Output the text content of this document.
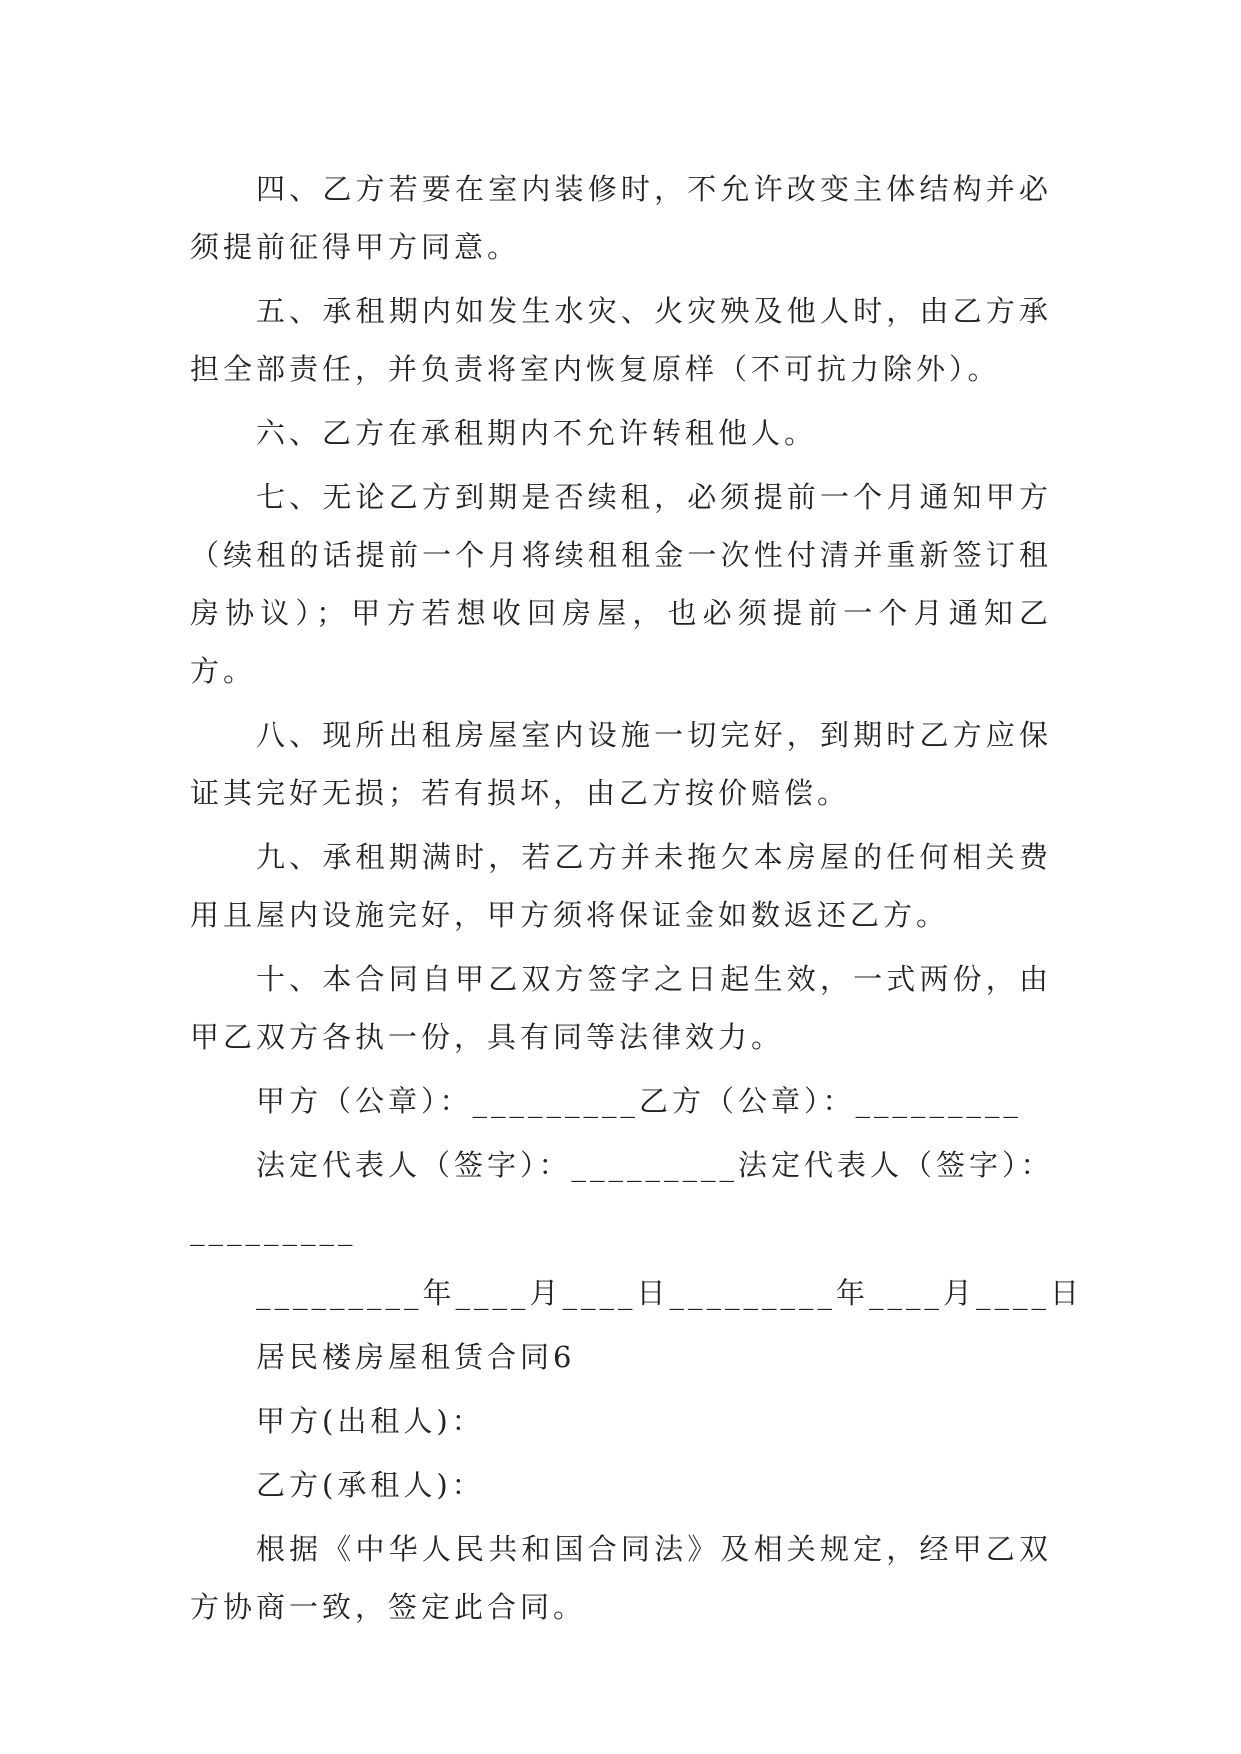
四、乙方若要在室内装修时，不允许改变主体结构并必须提前征得甲方同意。

五、承租期内如发生水灾、火灾殃及他人时，由乙方承担全部责任，并负责将室内恢复原样（不可抗力除外）。

六、乙方在承租期内不允许转租他人。

七、无论乙方到期是否续租，必须提前一个月通知甲方（续租的话提前一个月将续租租金一次性付清并重新签订租房协议）；甲方若想收回房屋，也必须提前一个月通知乙方。

八、现所出租房屋室内设施一切完好，到期时乙方应保证其完好无损；若有损坏，由乙方按价赔偿。

九、承租期满时，若乙方并未拖欠本房屋的任何相关费用且屋内设施完好，甲方须将保证金如数返还乙方。

十、本合同自甲乙双方签字之日起生效，一式两份，由甲乙双方各执一份，具有同等法律效力。

甲方（公章）：_________乙方（公章）：_________

法定代表人（签字）：_________法定代表人（签字）：

_________

_________年____月____日_________年____月____日

居民楼房屋租赁合同6

甲方(出租人)：

乙方(承租人)：

根据《中华人民共和国合同法》及相关规定，经甲乙双方协商一致，签定此合同。
